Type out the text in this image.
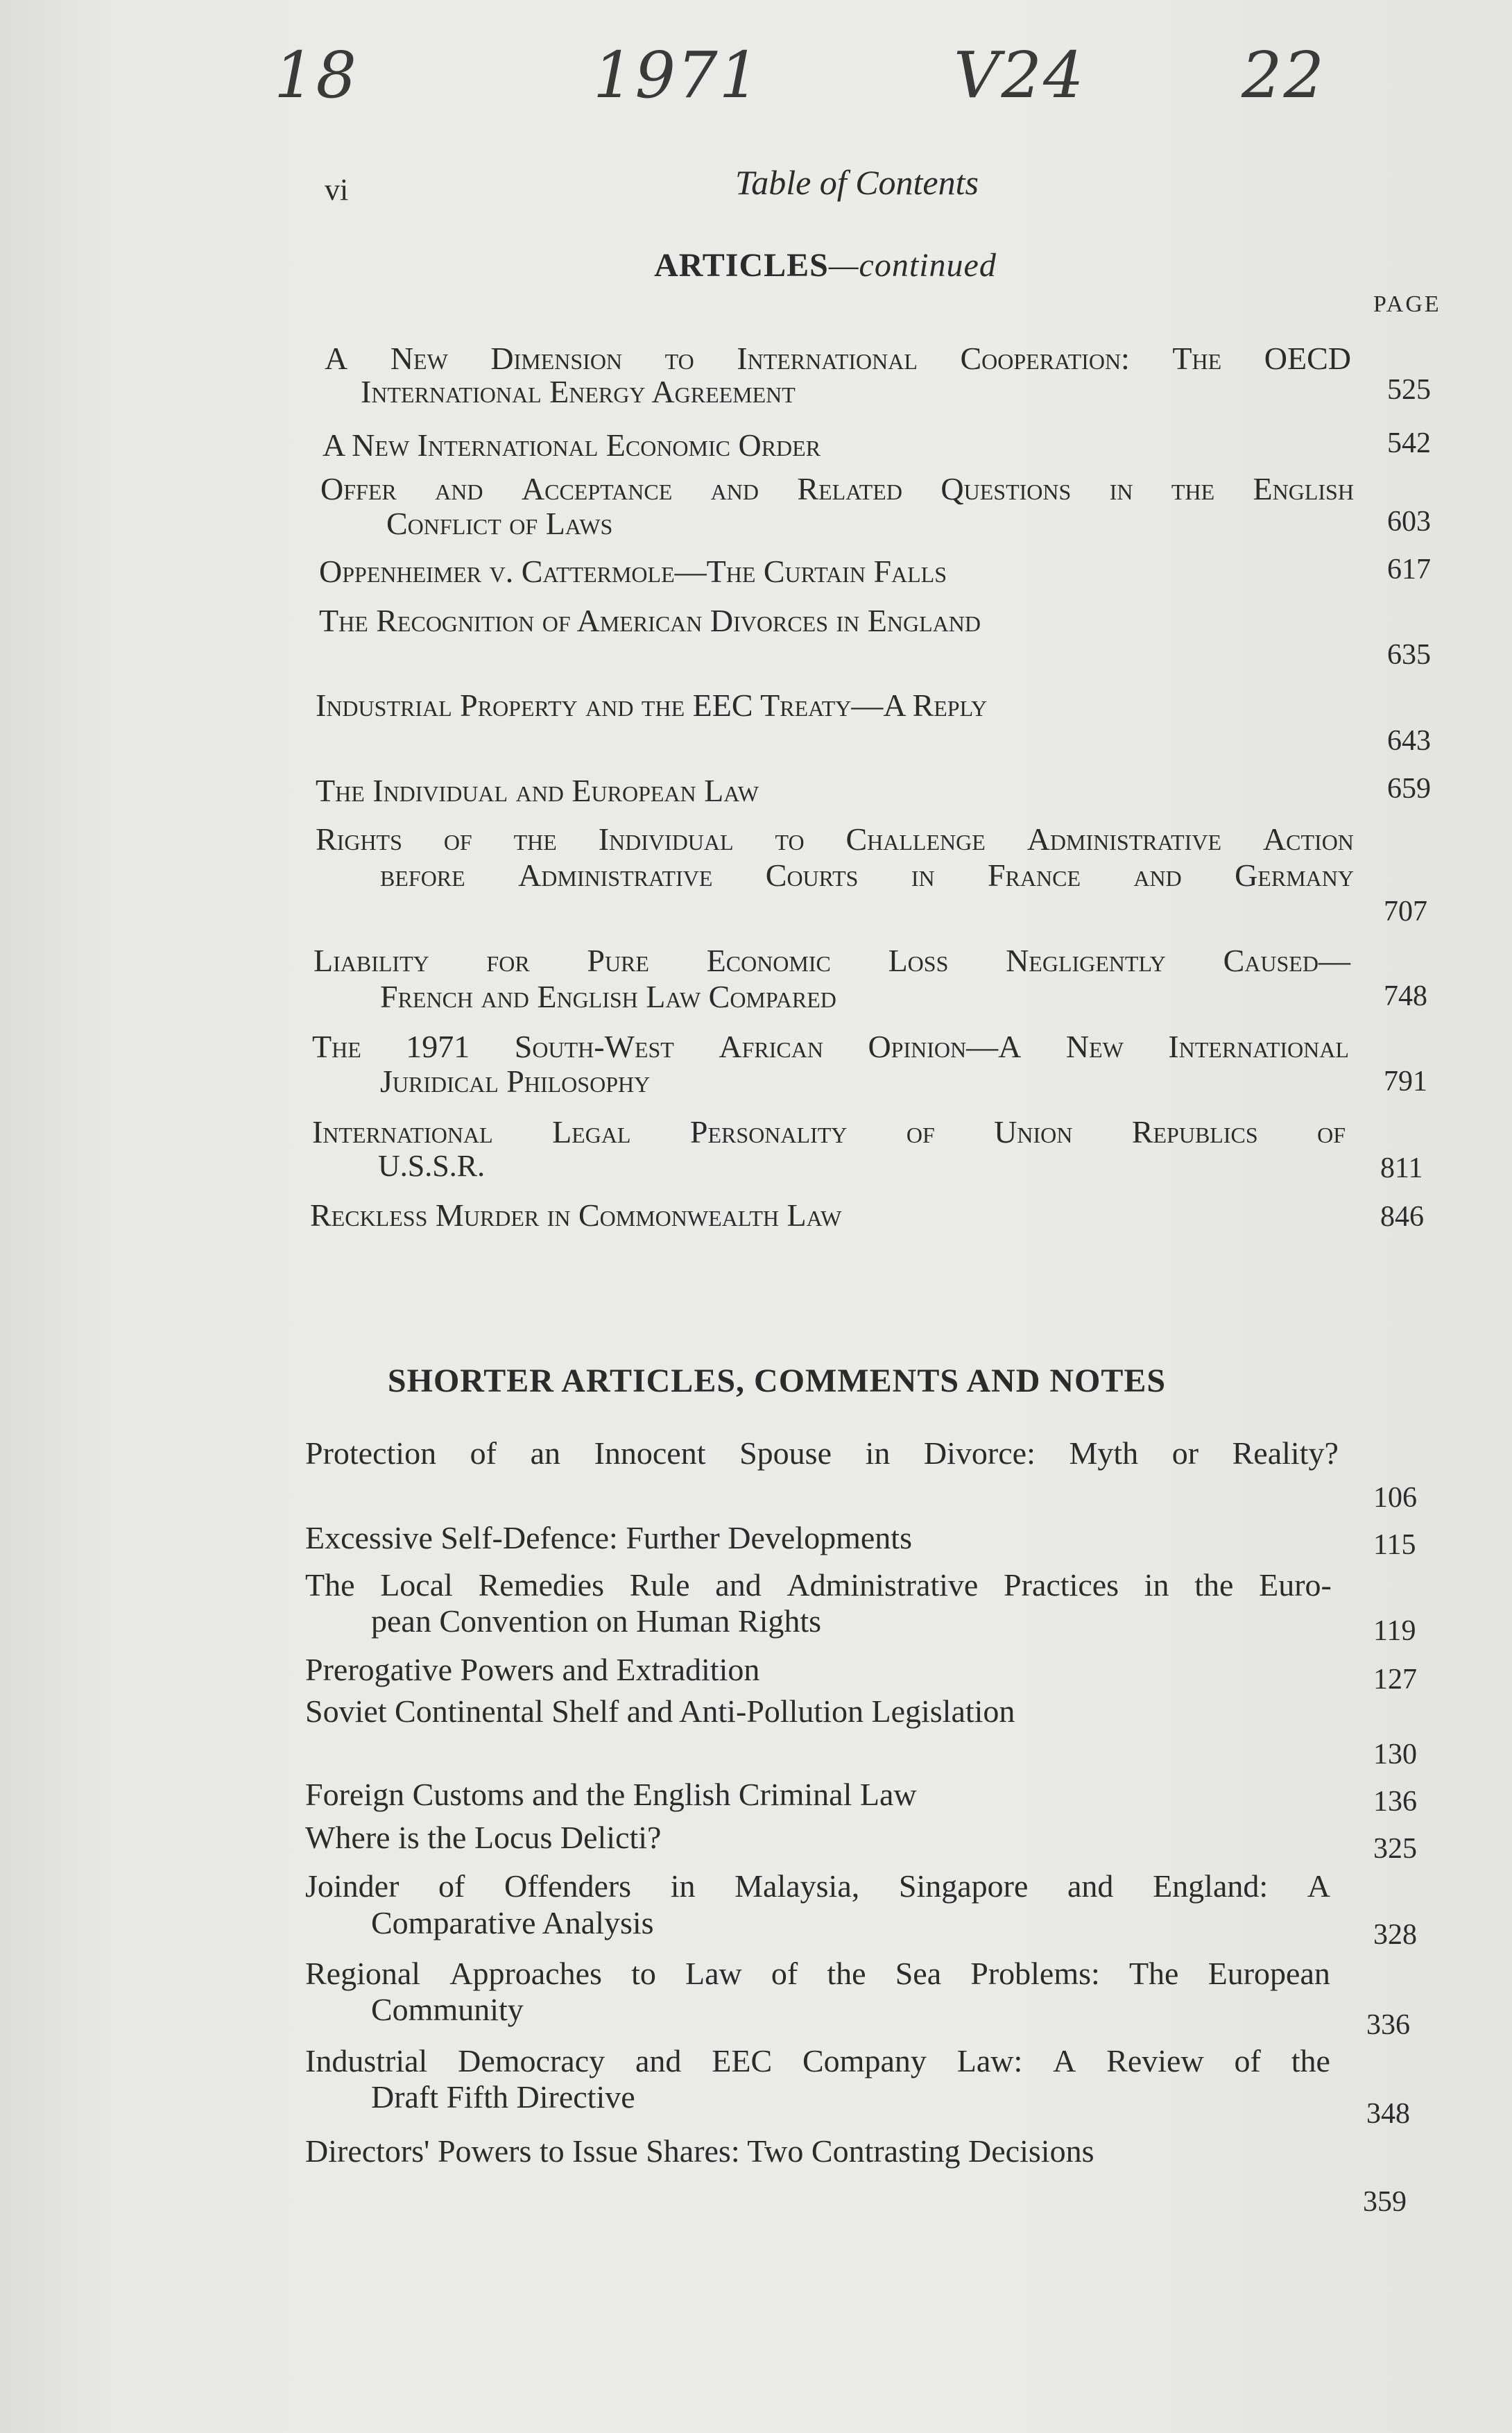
18	1971	V24 22
vi	Table of Contents
ARTICLES—continued
PAGE
A New Dimension to International Cooperation: The OECD
International Energy Agreement	525
A New International Economic Order	542
Offer and Acceptance and Related Questions in the English
Conflict of Laws	603
Oppenheimer v. Cattermole—The Curtain Falls	617
The Recognition of American Divorces in England
635
Industrial Property and the EEC Treaty—A Reply
643
The Individual and European Law	659
Rights of the Individual to Challenge Administrative Action
before Administrative Courts in France and Germany
707
Liability for Pure Economic Loss Negligently Caused—
French and English Law Compared	748
The 1971 South-West African Opinion—A New International
Juridical Philosophy	791
International Legal Personality of Union Republics of
U.S.S.R.	811
Reckless Murder in Commonwealth Law	846
SHORTER ARTICLES, COMMENTS AND NOTES
Protection of an Innocent Spouse in Divorce: Myth or Reality?
106
Excessive Self-Defence: Further Developments	115
The Local Remedies Rule and Administrative Practices in the Euro-
pean Convention on Human Rights	119
Prerogative Powers and Extradition	127
Soviet Continental Shelf and Anti-Pollution Legislation
130
Foreign Customs and the English Criminal Law	136
Where is the Locus Delicti?	325
Joinder of Offenders in Malaysia, Singapore and England: A
Comparative Analysis	328
Regional Approaches to Law of the Sea Problems: The European
Community	336
Industrial Democracy and EEC Company Law: A Review of the
Draft Fifth Directive	348
Directors' Powers to Issue Shares: Two Contrasting Decisions
359
